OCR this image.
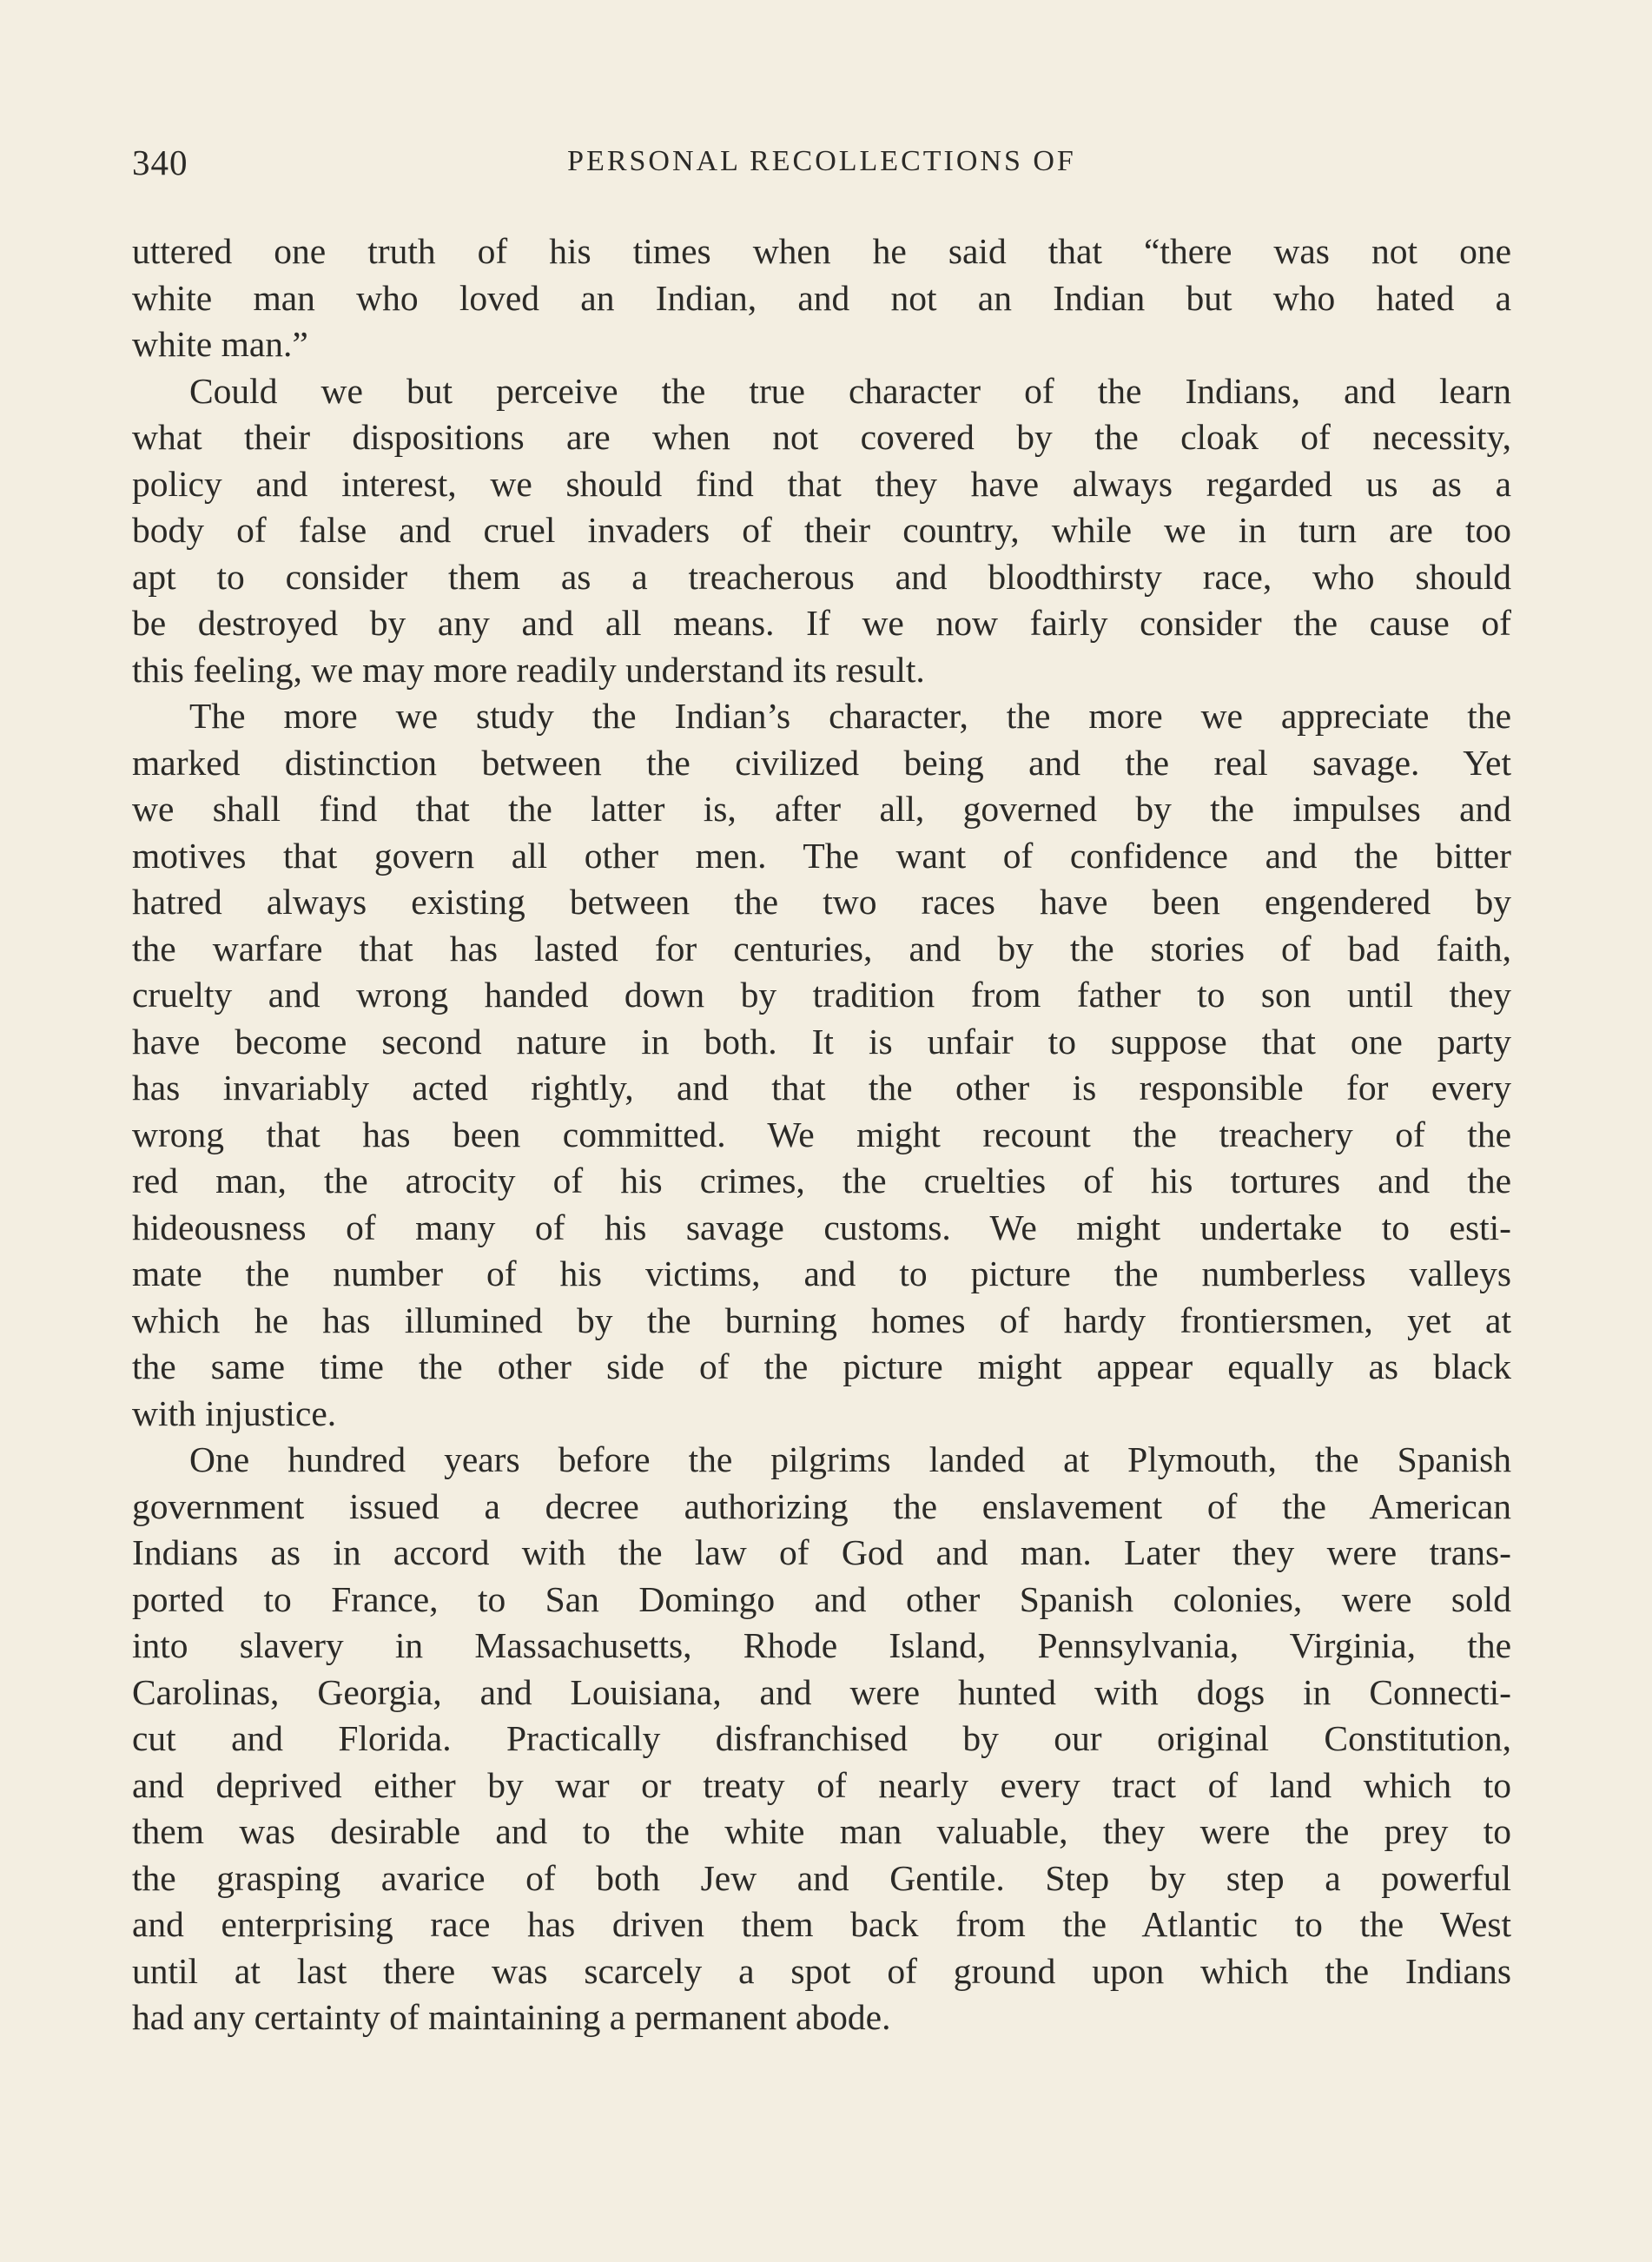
340	PERSONAL RECOLLECTIONS OF
uttered one truth of his times when he said that “there was not one
white man who loved an Indian, and not an Indian but who hated a
white man.”
Could we but perceive the true character of the Indians, and learn
what their dispositions are when not covered by the cloak of necessity,
policy and interest, we should find that they have always regarded us as a
body of false and cruel invaders of their country, while we in turn are too
apt to consider them as a treacherous and bloodthirsty race, who should
be destroyed by any and all means. If we now fairly consider the cause of
this feeling, we may more readily understand its result.
The more we study the Indian’s character, the more we appreciate the
marked distinction between the civilized being and the real savage. Yet
we shall find that the latter is, after all, governed by the impulses and
motives that govern all other men. The want of confidence and the bitter
hatred always existing between the two races have been engendered by
the warfare that has lasted for centuries, and by the stories of bad faith,
cruelty and wrong handed down by tradition from father to son until they
have become second nature in both. It is unfair to suppose that one party
has invariably acted rightly, and that the other is responsible for every
wrong that has been committed. We might recount the treachery of the
red man, the atrocity of his crimes, the cruelties of his tortures and the
hideousness of many of his savage customs. We might undertake to esti-
mate the number of his victims, and to picture the numberless valleys
which he has illumined by the burning homes of hardy frontiersmen, yet at
the same time the other side of the picture might appear equally as black
with injustice.
One hundred years before the pilgrims landed at Plymouth, the Spanish
government issued a decree authorizing the enslavement of the American
Indians as in accord with the law of God and man. Later they were trans-
ported to France, to San Domingo and other Spanish colonies, were sold
into slavery in Massachusetts, Rhode Island, Pennsylvania, Virginia, the
Carolinas, Georgia, and Louisiana, and were hunted with dogs in Connecti-
cut and Florida. Practically disfranchised by our original Constitution,
and deprived either by war or treaty of nearly every tract of land which to
them was desirable and to the white man valuable, they were the prey to
the grasping avarice of both Jew and Gentile. Step by step a powerful
and enterprising race has driven them back from the Atlantic to the West
until at last there was scarcely a spot of ground upon which the Indians
had any certainty of maintaining a permanent abode.
